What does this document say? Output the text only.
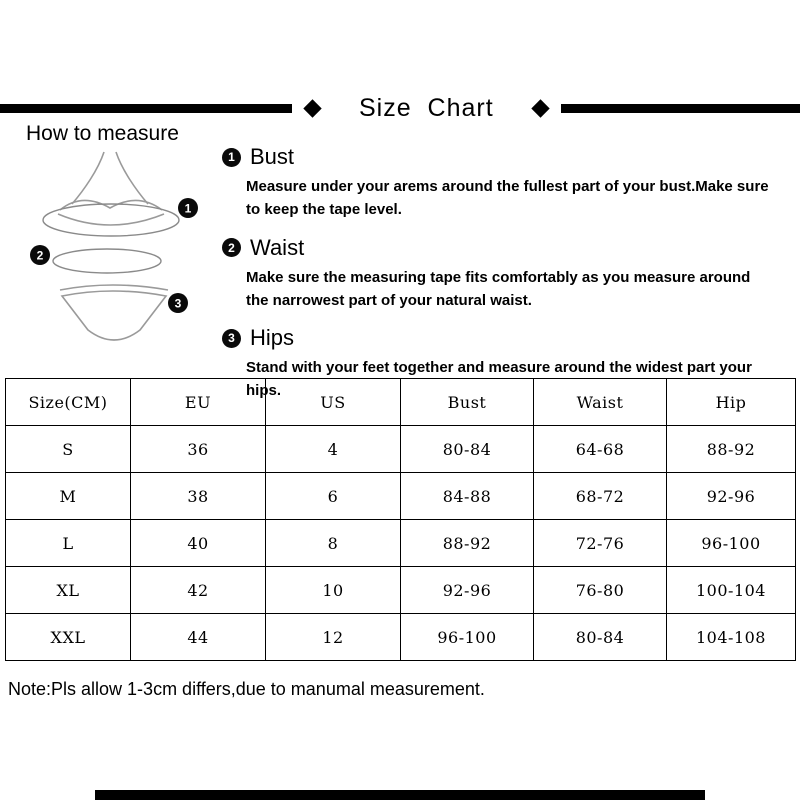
Size  Chart
How to measure
1
2
3
1 Bust
Measure under your arems around the fullest part of your bust.Make sure to keep the tape level.
2 Waist
Make sure the measuring tape fits comfortably as you measure around the narrowest part of your natural waist.
3 Hips
Stand with your feet together and measure around the widest part your hips.
Size(CM)	EU	US	Bust	Waist	Hip
S	36	4	80-84	64-68	88-92
M	38	6	84-88	68-72	92-96
L	40	8	88-92	72-76	96-100
XL	42	10	92-96	76-80	100-104
XXL	44	12	96-100	80-84	104-108
Note:Pls allow 1-3cm differs,due to manumal measurement.
